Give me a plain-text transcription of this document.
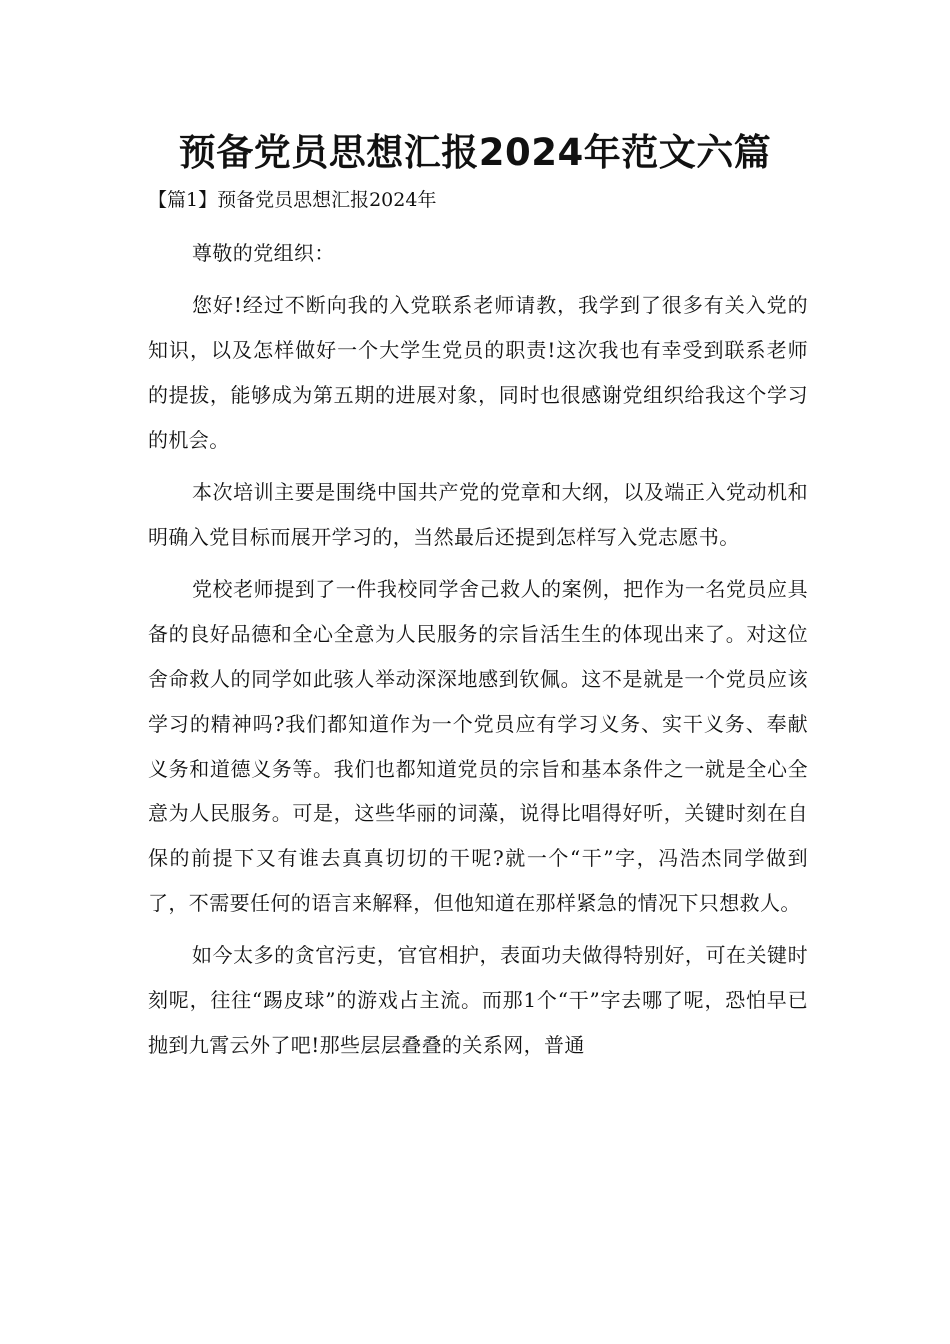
预备党员思想汇报2024年范文六篇

【篇1】预备党员思想汇报2024年

尊敬的党组织：

您好!经过不断向我的入党联系老师请教，我学到了很多有关入党的知识，以及怎样做好一个大学生党员的职责!这次我也有幸受到联系老师的提拔，能够成为第五期的进展对象，同时也很感谢党组织给我这个学习的机会。

本次培训主要是围绕中国共产党的党章和大纲，以及端正入党动机和明确入党目标而展开学习的，当然最后还提到怎样写入党志愿书。

党校老师提到了一件我校同学舍己救人的案例，把作为一名党员应具备的良好品德和全心全意为人民服务的宗旨活生生的体现出来了。对这位舍命救人的同学如此骇人举动深深地感到钦佩。这不是就是一个党员应该学习的精神吗?我们都知道作为一个党员应有学习义务、实干义务、奉献义务和道德义务等。我们也都知道党员的宗旨和基本条件之一就是全心全意为人民服务。可是，这些华丽的词藻，说得比唱得好听，关键时刻在自保的前提下又有谁去真真切切的干呢?就一个“干”字，冯浩杰同学做到了，不需要任何的语言来解释，但他知道在那样紧急的情况下只想救人。

如今太多的贪官污吏，官官相护，表面功夫做得特别好，可在关键时刻呢，往往“踢皮球”的游戏占主流。而那1个“干”字去哪了呢，恐怕早已抛到九霄云外了吧!那些层层叠叠的关系网，普通
